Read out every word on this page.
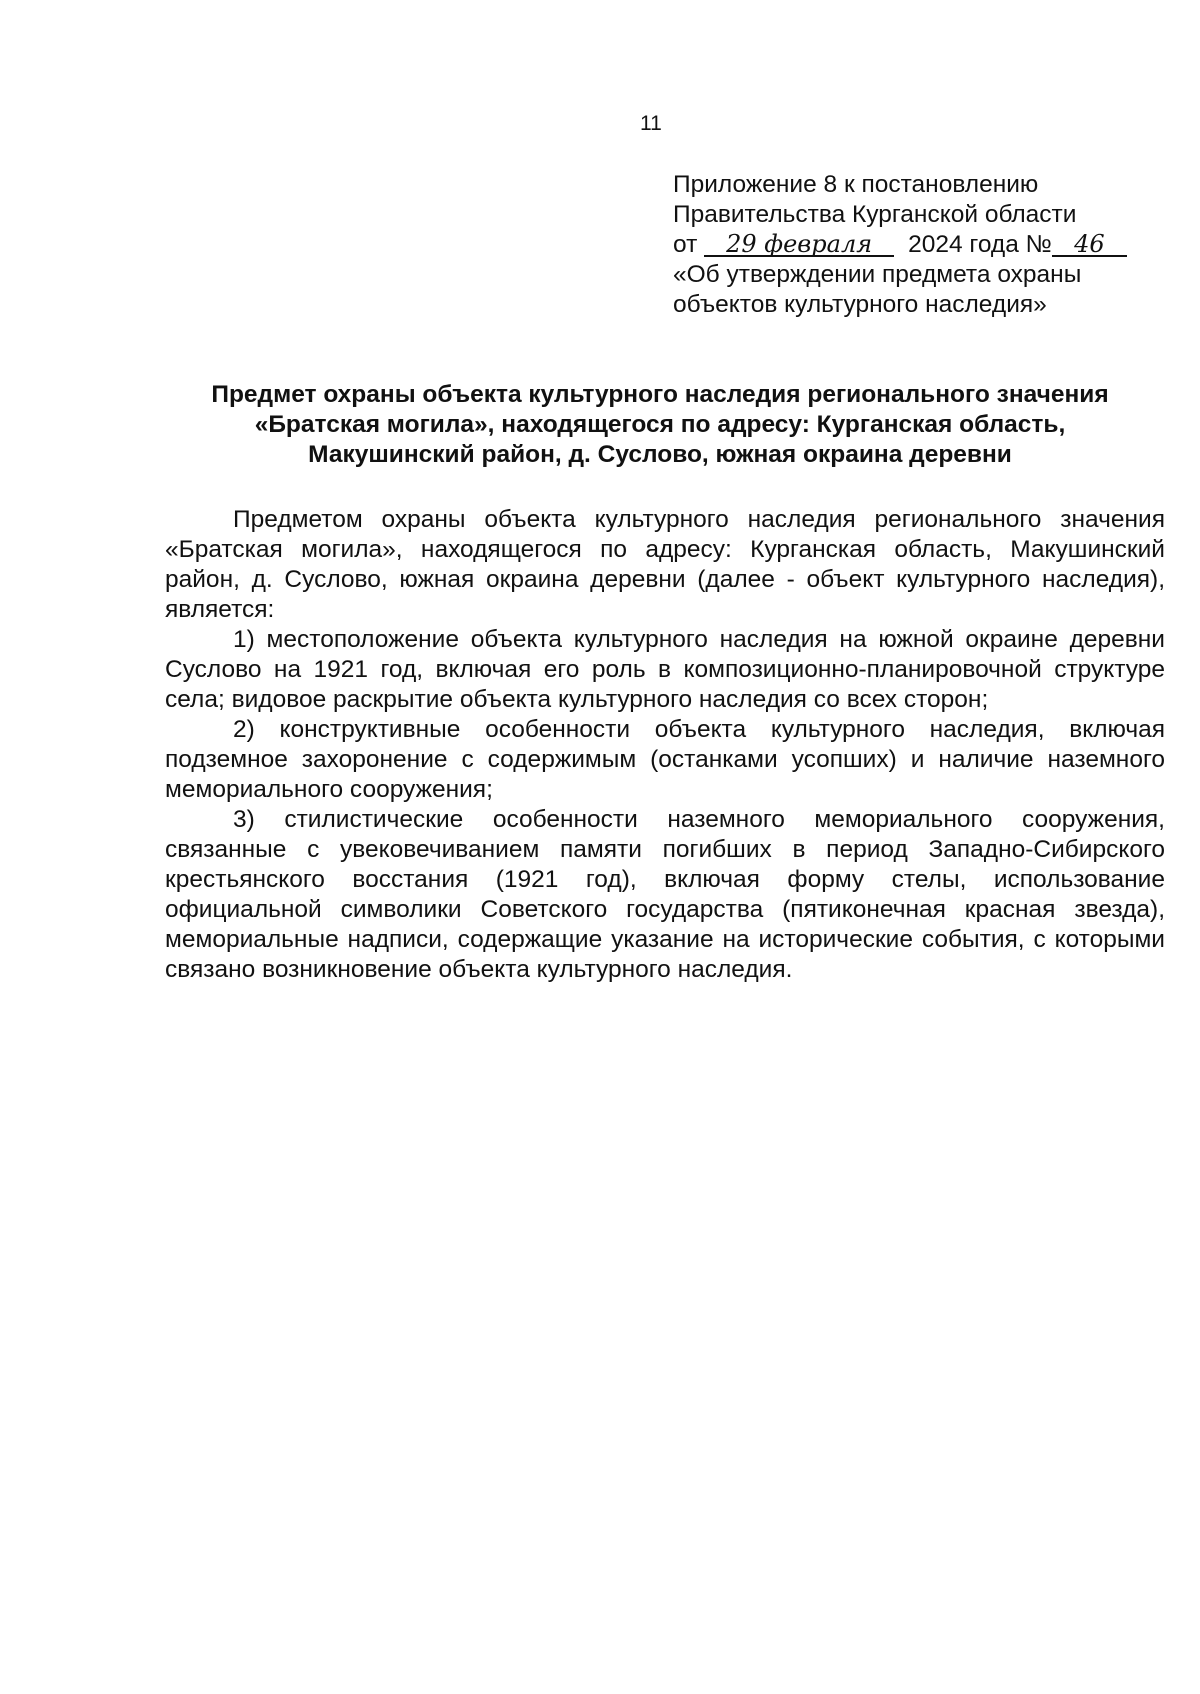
11
Приложение 8 к постановлению
Правительства Курганской области
от 29 февраля 2024 года № 46
«Об утверждении предмета охраны
объектов культурного наследия»
Предмет охраны объекта культурного наследия регионального значения
«Братская могила», находящегося по адресу: Курганская область,
Макушинский район, д. Суслово, южная окраина деревни

Предметом охраны объекта культурного наследия регионального значения «Братская могила», находящегося по адресу: Курганская область, Макушинский район, д. Суслово, южная окраина деревни (далее - объект культурного наследия), является:

1) местоположение объекта культурного наследия на южной окраине деревни Суслово на 1921 год, включая его роль в композиционно-планировочной структуре села; видовое раскрытие объекта культурного наследия со всех сторон;

2) конструктивные особенности объекта культурного наследия, включая подземное захоронение с содержимым (останками усопших) и наличие наземного мемориального сооружения;

3) стилистические особенности наземного мемориального сооружения, связанные с увековечиванием памяти погибших в период Западно-Сибирского крестьянского восстания (1921 год), включая форму стелы, использование официальной символики Советского государства (пятиконечная красная звезда), мемориальные надписи, содержащие указание на исторические события, с которыми связано возникновение объекта культурного наследия.
